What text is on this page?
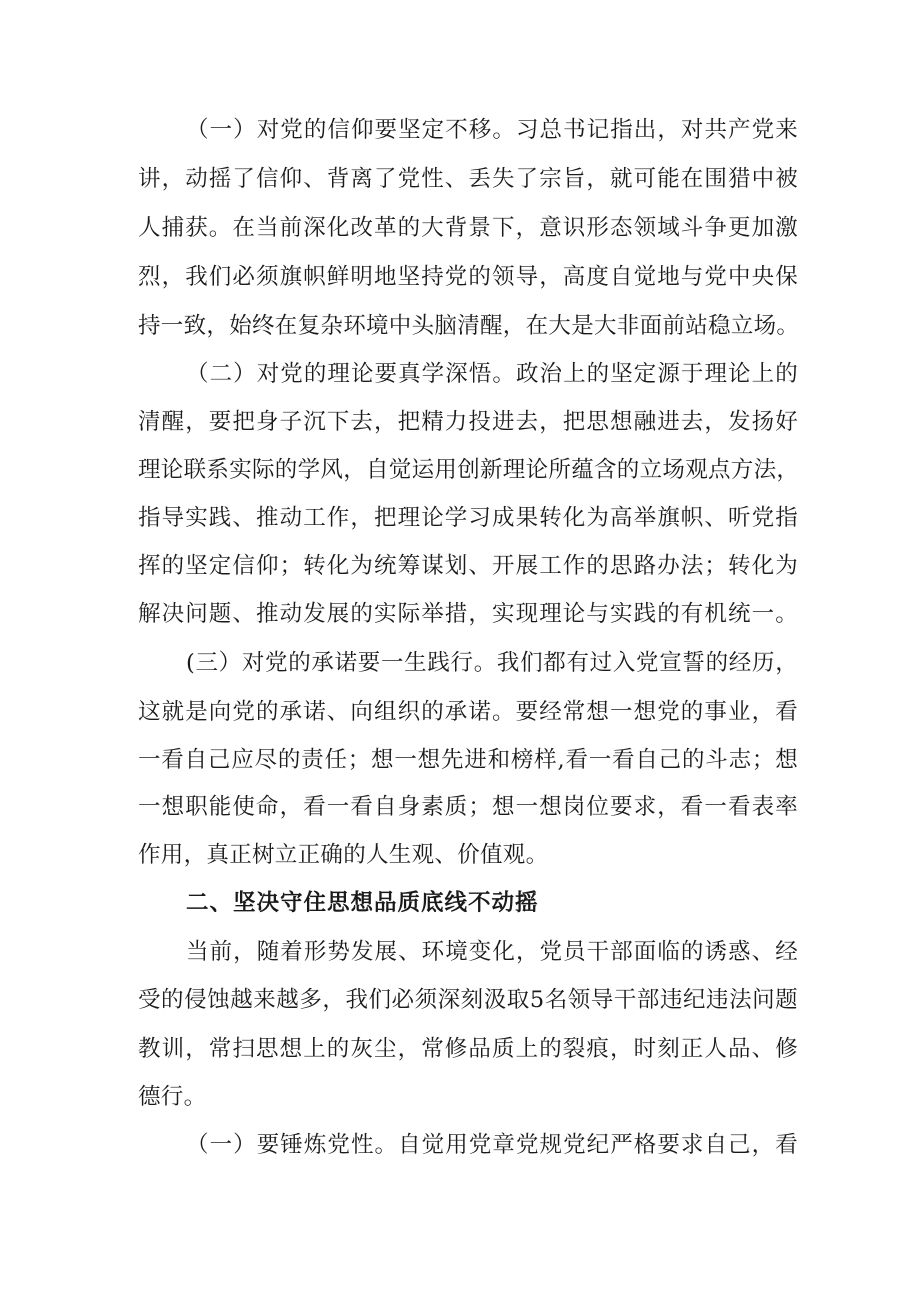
（一）对党的信仰要坚定不移。习总书记指出，对共产党来
讲，动摇了信仰、背离了党性、丢失了宗旨，就可能在围猎中被
人捕获。在当前深化改革的大背景下，意识形态领域斗争更加激
烈，我们必须旗帜鲜明地坚持党的领导，高度自觉地与党中央保
持一致，始终在复杂环境中头脑清醒，在大是大非面前站稳立场。
（二）对党的理论要真学深悟。政治上的坚定源于理论上的
清醒，要把身子沉下去，把精力投进去，把思想融进去，发扬好
理论联系实际的学风，自觉运用创新理论所蕴含的立场观点方法，
指导实践、推动工作，把理论学习成果转化为高举旗帜、听党指
挥的坚定信仰；转化为统筹谋划、开展工作的思路办法；转化为
解决问题、推动发展的实际举措，实现理论与实践的有机统一。
(三）对党的承诺要一生践行。我们都有过入党宣誓的经历，
这就是向党的承诺、向组织的承诺。要经常想一想党的事业，看
一看自己应尽的责任；想一想先进和榜样,看一看自己的斗志；想
一想职能使命，看一看自身素质；想一想岗位要求，看一看表率
作用，真正树立正确的人生观、价值观。
二、坚决守住思想品质底线不动摇
当前，随着形势发展、环境变化，党员干部面临的诱惑、经
受的侵蚀越来越多，我们必须深刻汲取5名领导干部违纪违法问题
教训，常扫思想上的灰尘，常修品质上的裂痕，时刻正人品、修
德行。
（一）要锤炼党性。自觉用党章党规党纪严格要求自己，看
